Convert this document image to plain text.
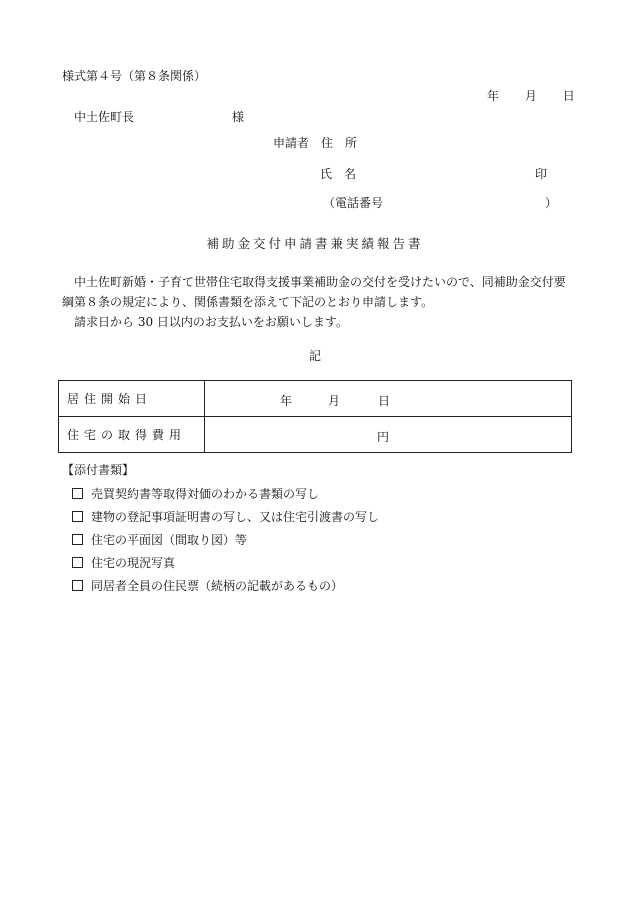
様式第４号（第８条関係）
年 月 日
中土佐町長	様
申請者　住　所
氏　名	印
（電話番号	）
補助金交付申請書兼実績報告書

中土佐町新婚・子育て世帯住宅取得支援事業補助金の交付を受けたいので、同補助金交付要綱第８条の規定により、関係書類を添えて下記のとおり申請します。

請求日から 30 日以内のお支払いをお願いします。

記
居住開始日	年 月 日

住宅の取得費用	円
【添付書類】
売買契約書等取得対価のわかる書類の写し
建物の登記事項証明書の写し、又は住宅引渡書の写し
住宅の平面図（間取り図）等
住宅の現況写真
同居者全員の住民票（続柄の記載があるもの）
